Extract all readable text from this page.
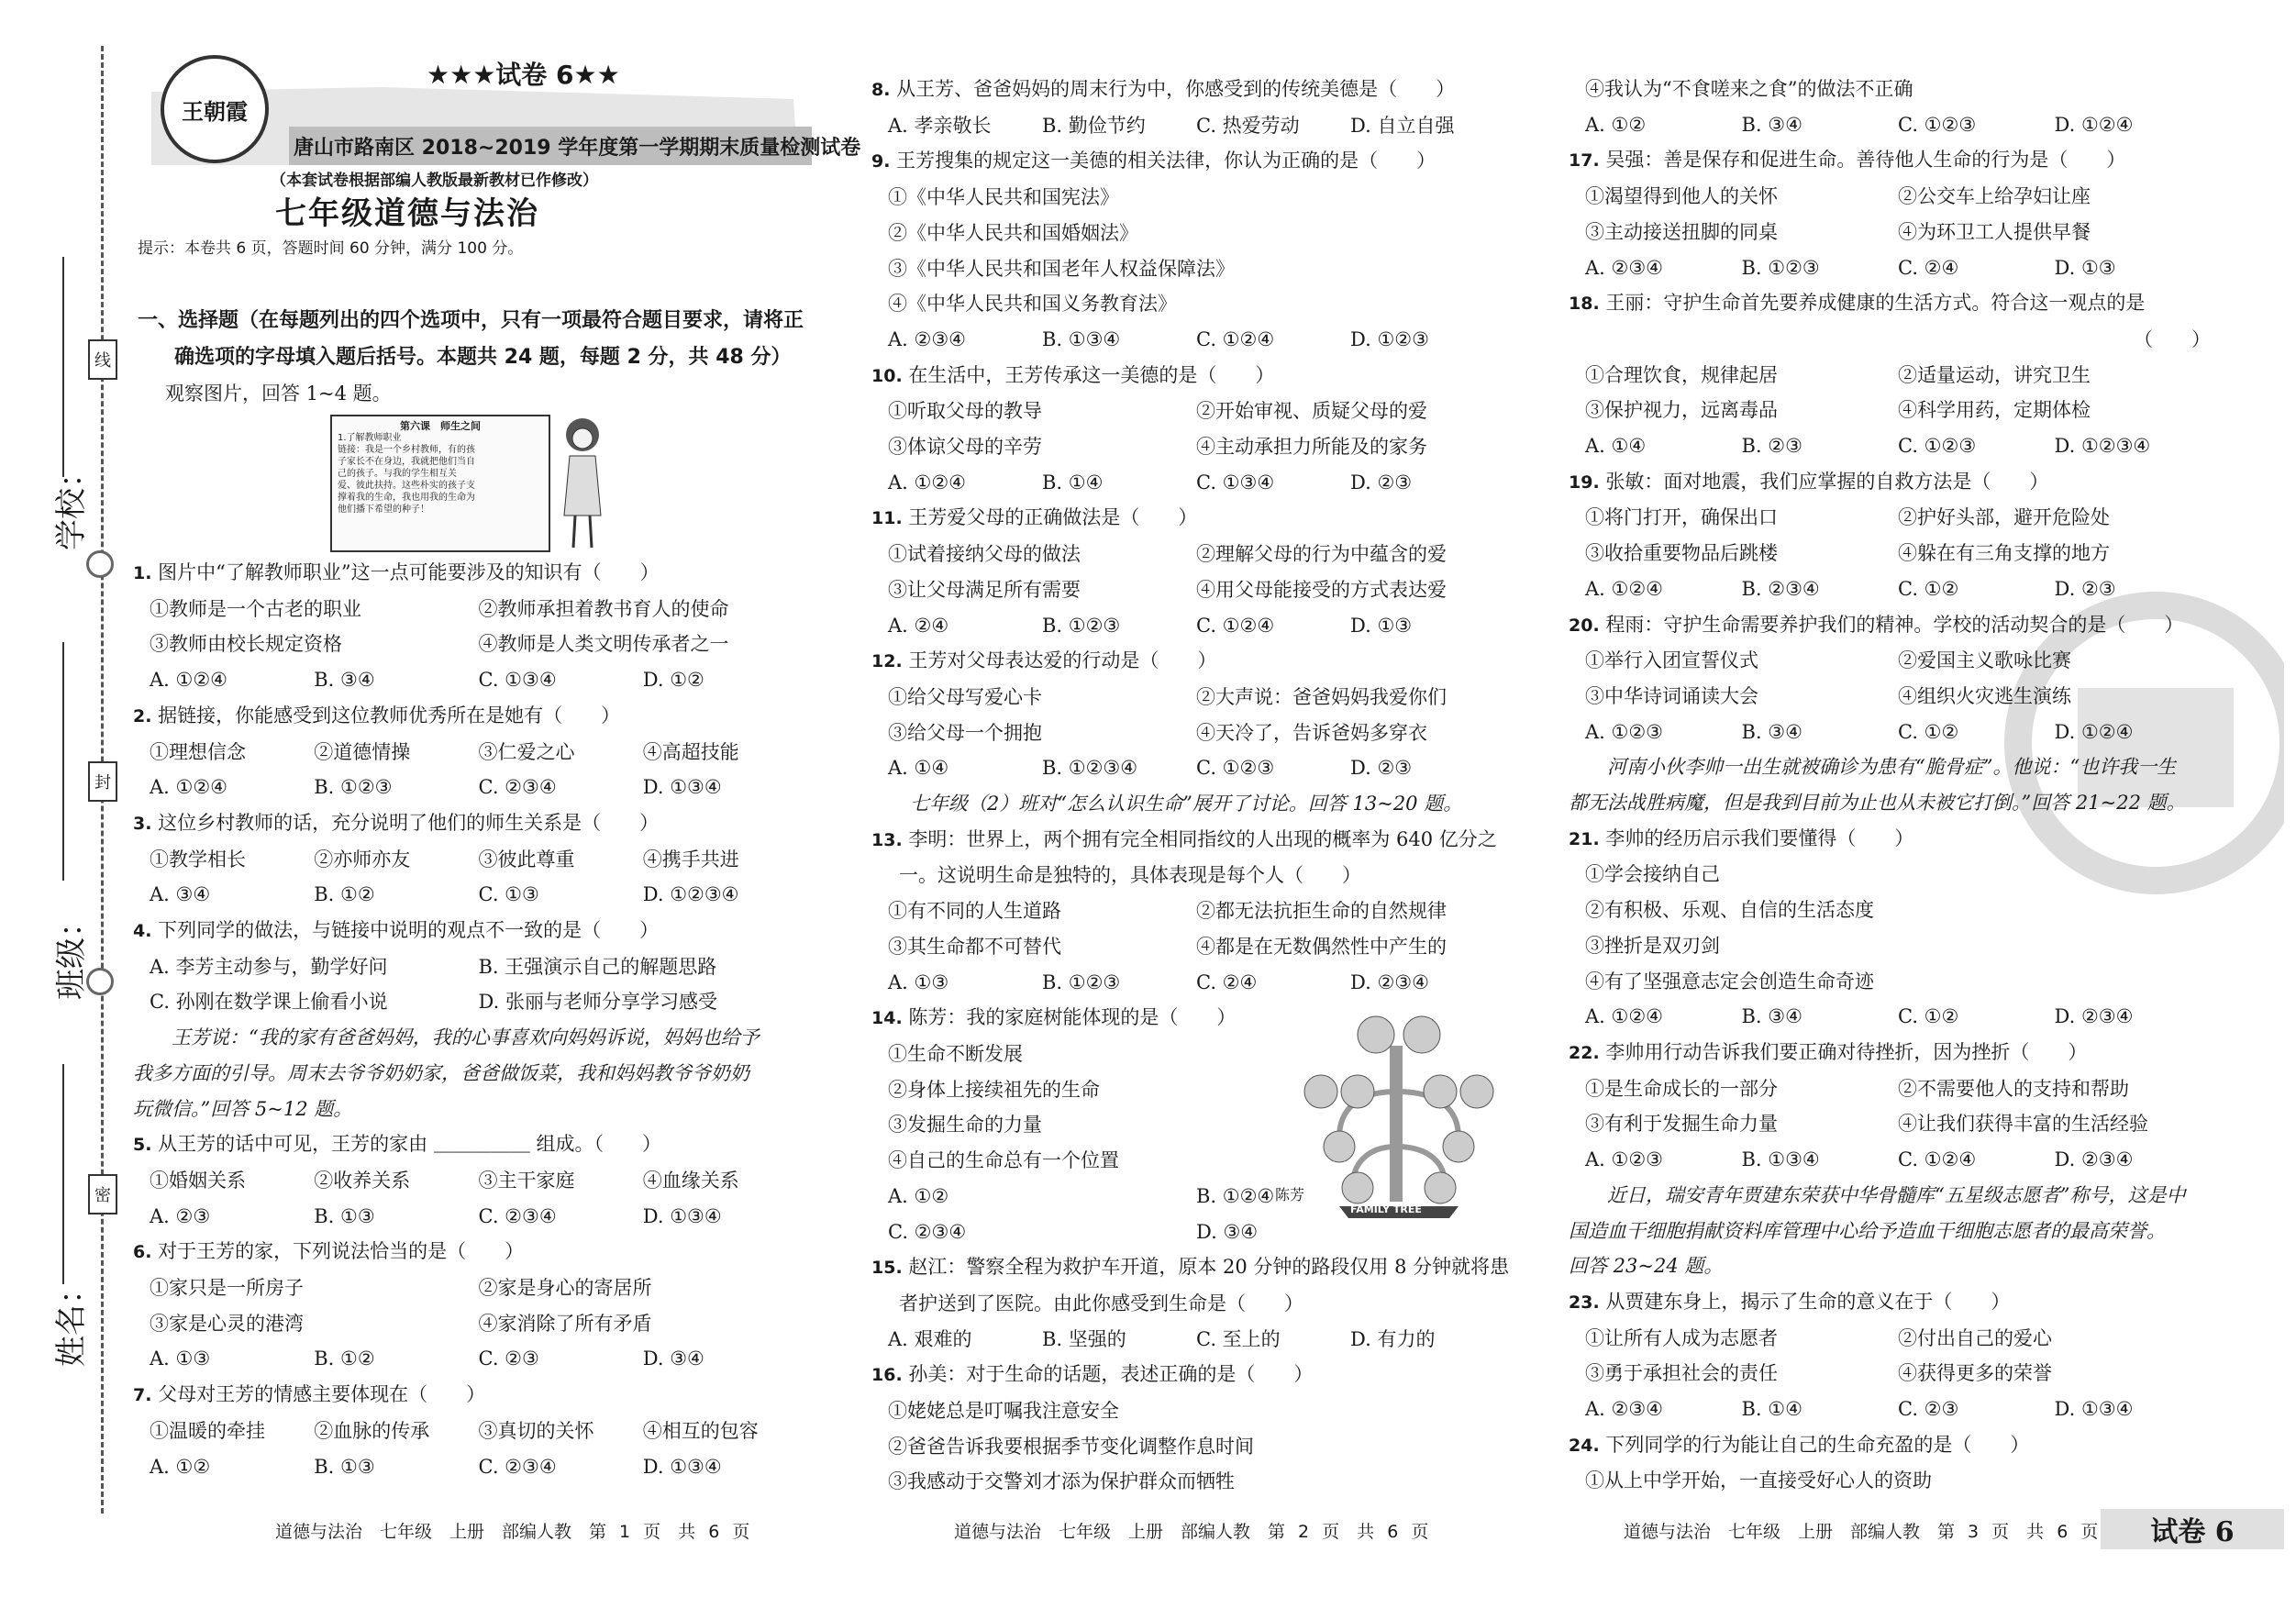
线
封
密
学校：
班级：
姓名：
王朝霞
★★★试卷 6★★
唐山市路南区 2018~2019 学年度第一学期期末质量检测试卷
（本套试卷根据部编人教版最新教材已作修改）
七年级道德与法治
提示：本卷共 6 页，答题时间 60 分钟，满分 100 分。
一、选择题（在每题列出的四个选项中，只有一项最符合题目要求，请将正
确选项的字母填入题后括号。本题共 24 题，每题 2 分，共 48 分）
观察图片，回答 1~4 题。
第六课　师生之间
1.了解教师职业
链接：我是一个乡村教师，有的孩
子家长不在身边，我就把他们当自
己的孩子。与我的学生相互关
爱、彼此扶持。这些朴实的孩子支
撑着我的生命，我也用我的生命为
他们播下希望的种子！
1. 图片中“了解教师职业”这一点可能要涉及的知识有（　　）
①教师是一个古老的职业	②教师承担着教书育人的使命
③教师由校长规定资格	④教师是人类文明传承者之一
A. ①②④	B. ③④	C. ①③④	D. ①②
2. 据链接，你能感受到这位教师优秀所在是她有（　　）
①理想信念	②道德情操	③仁爱之心	④高超技能
A. ①②④	B. ①②③	C. ②③④	D. ①③④
3. 这位乡村教师的话，充分说明了他们的师生关系是（　　）
①教学相长	②亦师亦友	③彼此尊重	④携手共进
A. ③④	B. ①②	C. ①③	D. ①②③④
4. 下列同学的做法，与链接中说明的观点不一致的是（　　）
A. 李芳主动参与，勤学好问	B. 王强演示自己的解题思路
C. 孙刚在数学课上偷看小说	D. 张丽与老师分享学习感受
王芳说：“我的家有爸爸妈妈，我的心事喜欢向妈妈诉说，妈妈也给予
我多方面的引导。周末去爷爷奶奶家，爸爸做饭菜，我和妈妈教爷爷奶奶
玩微信。”回答 5~12 题。
5. 从王芳的话中可见，王芳的家由 ＿＿＿＿＿ 组成。（　　）
①婚姻关系	②收养关系	③主干家庭	④血缘关系
A. ②③	B. ①③	C. ②③④	D. ①③④
6. 对于王芳的家，下列说法恰当的是（　　）
①家只是一所房子	②家是身心的寄居所
③家是心灵的港湾	④家消除了所有矛盾
A. ①③	B. ①②	C. ②③	D. ③④
7. 父母对王芳的情感主要体现在（　　）
①温暖的牵挂	②血脉的传承	③真切的关怀	④相互的包容
A. ①②	B. ①③	C. ②③④	D. ①③④
8. 从王芳、爸爸妈妈的周末行为中，你感受到的传统美德是（　　）
A. 孝亲敬长	B. 勤俭节约	C. 热爱劳动	D. 自立自强
9. 王芳搜集的规定这一美德的相关法律，你认为正确的是（　　）
①《中华人民共和国宪法》
②《中华人民共和国婚姻法》
③《中华人民共和国老年人权益保障法》
④《中华人民共和国义务教育法》
A. ②③④	B. ①③④	C. ①②④	D. ①②③
10. 在生活中，王芳传承这一美德的是（　　）
①听取父母的教导	②开始审视、质疑父母的爱
③体谅父母的辛劳	④主动承担力所能及的家务
A. ①②④	B. ①④	C. ①③④	D. ②③
11. 王芳爱父母的正确做法是（　　）
①试着接纳父母的做法	②理解父母的行为中蕴含的爱
③让父母满足所有需要	④用父母能接受的方式表达爱
A. ②④	B. ①②③	C. ①②④	D. ①③
12. 王芳对父母表达爱的行动是（　　）
①给父母写爱心卡	②大声说：爸爸妈妈我爱你们
③给父母一个拥抱	④天冷了，告诉爸妈多穿衣
A. ①④	B. ①②③④	C. ①②③	D. ②③
七年级（2）班对“怎么认识生命”展开了讨论。回答 13~20 题。
13. 李明：世界上，两个拥有完全相同指纹的人出现的概率为 640 亿分之
一。这说明生命是独特的，具体表现是每个人（　　）
①有不同的人生道路	②都无法抗拒生命的自然规律
③其生命都不可替代	④都是在无数偶然性中产生的
A. ①③	B. ①②③	C. ②④	D. ②③④
14. 陈芳：我的家庭树能体现的是（　　）
①生命不断发展
②身体上接续祖先的生命
③发掘生命的力量
④自己的生命总有一个位置
A. ①②	B. ①②④
C. ②③④	D. ③④
15. 赵江：警察全程为救护车开道，原本 20 分钟的路段仅用 8 分钟就将患
者护送到了医院。由此你感受到生命是（　　）
A. 艰难的	B. 坚强的	C. 至上的	D. 有力的
16. 孙美：对于生命的话题，表述正确的是（　　）
①姥姥总是叮嘱我注意安全
②爸爸告诉我要根据季节变化调整作息时间
③我感动于交警刘才添为保护群众而牺牲
FAMILY TREE
陈芳
④我认为“不食嗟来之食”的做法不正确
A. ①②	B. ③④	C. ①②③	D. ①②④
17. 吴强：善是保存和促进生命。善待他人生命的行为是（　　）
①渴望得到他人的关怀	②公交车上给孕妇让座
③主动接送扭脚的同桌	④为环卫工人提供早餐
A. ②③④	B. ①②③	C. ②④	D. ①③
18. 王丽：守护生命首先要养成健康的生活方式。符合这一观点的是
（　　）
①合理饮食，规律起居	②适量运动，讲究卫生
③保护视力，远离毒品	④科学用药，定期体检
A. ①④	B. ②③	C. ①②③	D. ①②③④
19. 张敏：面对地震，我们应掌握的自救方法是（　　）
①将门打开，确保出口	②护好头部，避开危险处
③收拾重要物品后跳楼	④躲在有三角支撑的地方
A. ①②④	B. ②③④	C. ①②	D. ②③
20. 程雨：守护生命需要养护我们的精神。学校的活动契合的是（　　）
①举行入团宣誓仪式	②爱国主义歌咏比赛
③中华诗词诵读大会	④组织火灾逃生演练
A. ①②③	B. ③④	C. ①②	D. ①②④
河南小伙李帅一出生就被确诊为患有“脆骨症”。他说：“也许我一生
都无法战胜病魔，但是我到目前为止也从未被它打倒。”回答 21~22 题。
21. 李帅的经历启示我们要懂得（　　）
①学会接纳自己
②有积极、乐观、自信的生活态度
③挫折是双刃剑
④有了坚强意志定会创造生命奇迹
A. ①②④	B. ③④	C. ①②	D. ②③④
22. 李帅用行动告诉我们要正确对待挫折，因为挫折（　　）
①是生命成长的一部分	②不需要他人的支持和帮助
③有利于发掘生命力量	④让我们获得丰富的生活经验
A. ①②③	B. ①③④	C. ①②④	D. ②③④
近日，瑞安青年贾建东荣获中华骨髓库“五星级志愿者”称号，这是中
国造血干细胞捐献资料库管理中心给予造血干细胞志愿者的最高荣誉。
回答 23~24 题。
23. 从贾建东身上，揭示了生命的意义在于（　　）
①让所有人成为志愿者	②付出自己的爱心
③勇于承担社会的责任	④获得更多的荣誉
A. ②③④	B. ①④	C. ②③	D. ①③④
24. 下列同学的行为能让自己的生命充盈的是（　　）
①从上中学开始，一直接受好心人的资助
道德与法治　七年级　上册　部编人教　第 1 页　共 6 页	道德与法治　七年级　上册　部编人教　第 2 页　共 6 页	道德与法治　七年级　上册　部编人教　第 3 页　共 6 页 试卷 6
